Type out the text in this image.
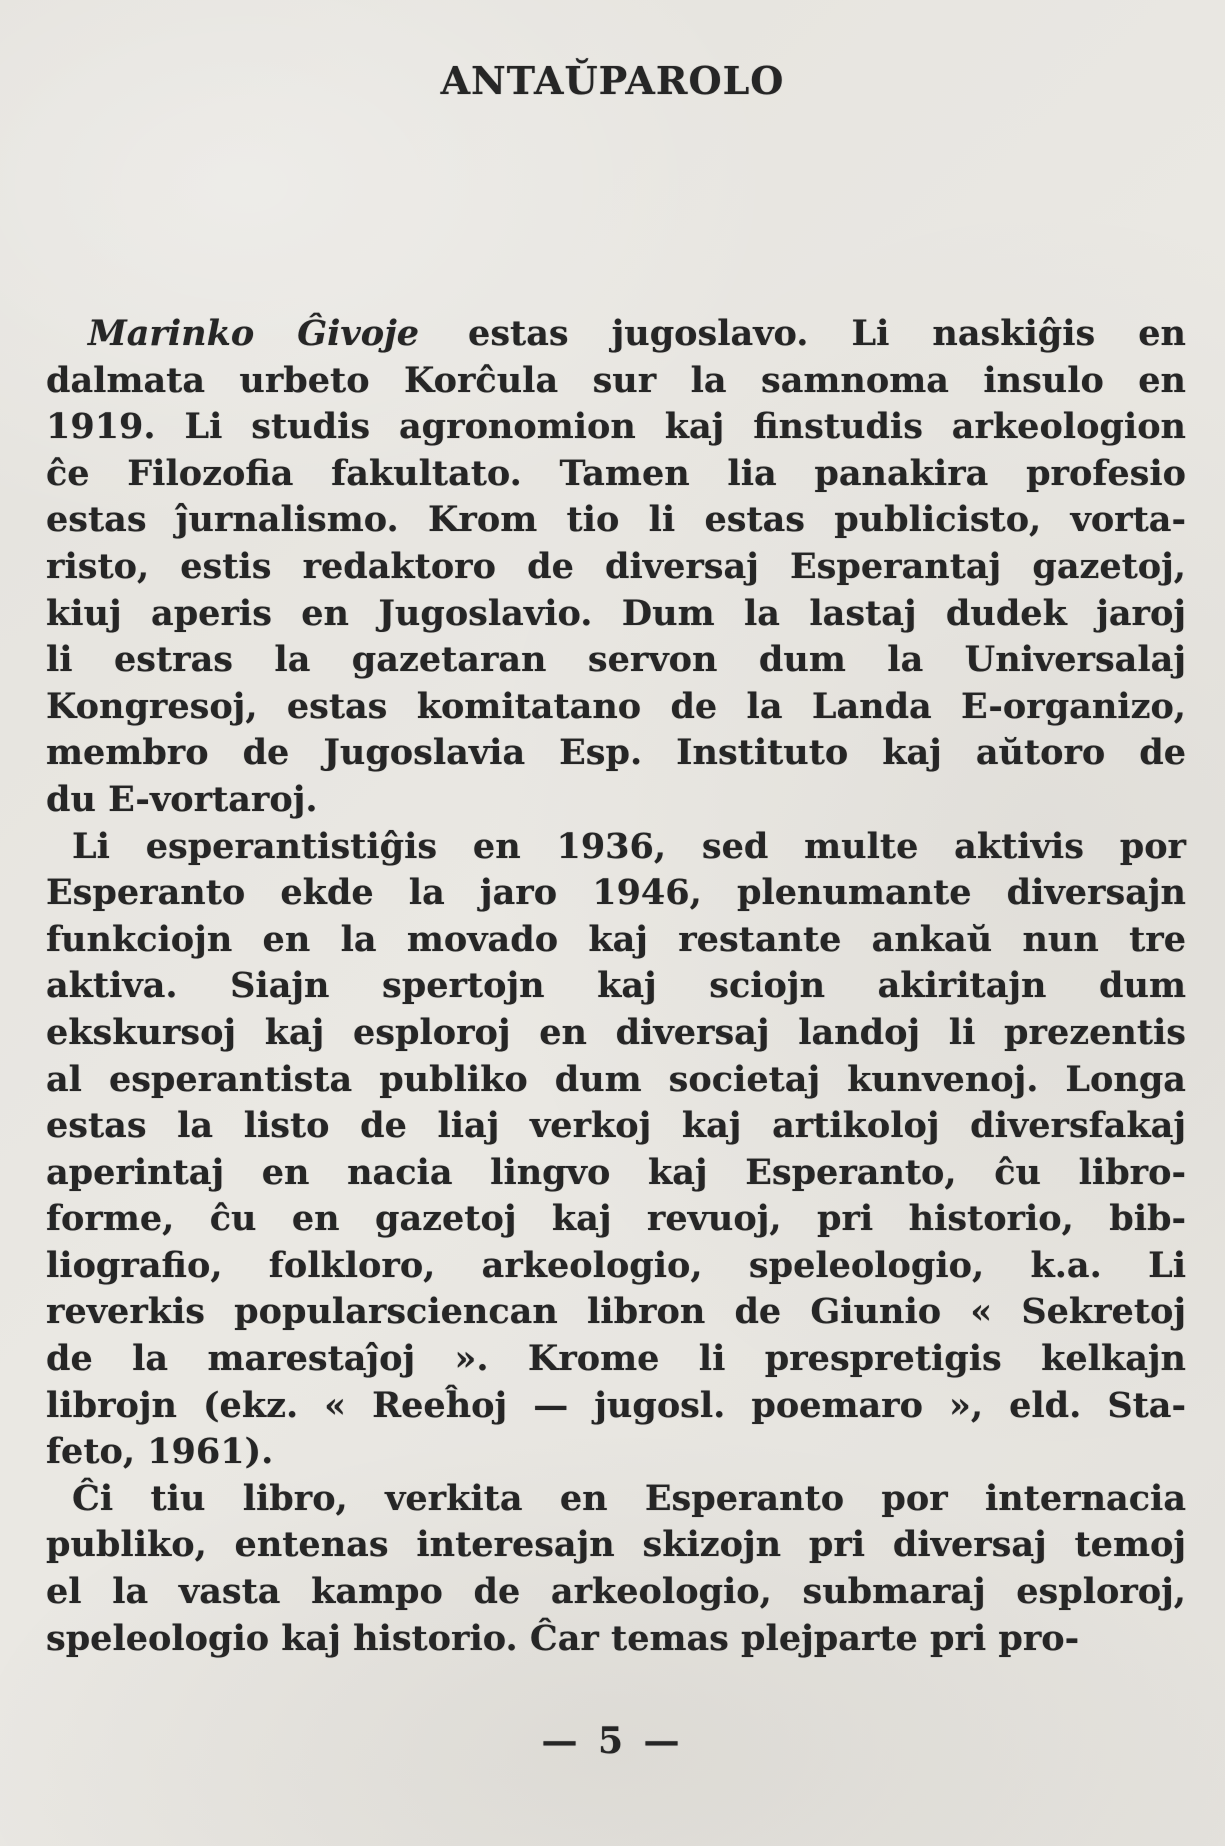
ANTAŬPAROLO
Marinko Ĝivoje estas jugoslavo. Li naskiĝis en
dalmata urbeto Korĉula sur la samnoma insulo en
1919. Li studis agronomion kaj finstudis arkeologion
ĉe Filozofia fakultato. Tamen lia panakira profesio
estas ĵurnalismo. Krom tio li estas publicisto, vorta-
risto, estis redaktoro de diversaj Esperantaj gazetoj,
kiuj aperis en Jugoslavio. Dum la lastaj dudek jaroj
li estras la gazetaran servon dum la Universalaj
Kongresoj, estas komitatano de la Landa E-organizo,
membro de Jugoslavia Esp. Instituto kaj aŭtoro de
du E-vortaroj.
Li esperantistiĝis en 1936, sed multe aktivis por
Esperanto ekde la jaro 1946, plenumante diversajn
funkciojn en la movado kaj restante ankaŭ nun tre
aktiva. Siajn spertojn kaj sciojn akiritajn dum
ekskursoj kaj esploroj en diversaj landoj li prezentis
al esperantista publiko dum societaj kunvenoj. Longa
estas la listo de liaj verkoj kaj artikoloj diversfakaj
aperintaj en nacia lingvo kaj Esperanto, ĉu libro-
forme, ĉu en gazetoj kaj revuoj, pri historio, bib-
liografio, folkloro, arkeologio, speleologio, k.a. Li
reverkis popularsciencan libron de Giunio « Sekretoj
de la marestaĵoj ». Krome li prespretigis kelkajn
librojn (ekz. « Reeĥoj — jugosl. poemaro », eld. Sta-
feto, 1961).
Ĉi tiu libro, verkita en Esperanto por internacia
publiko, entenas interesajn skizojn pri diversaj temoj
el la vasta kampo de arkeologio, submaraj esploroj,
speleologio kaj historio. Ĉar temas plejparte pri pro-
— 5 —
